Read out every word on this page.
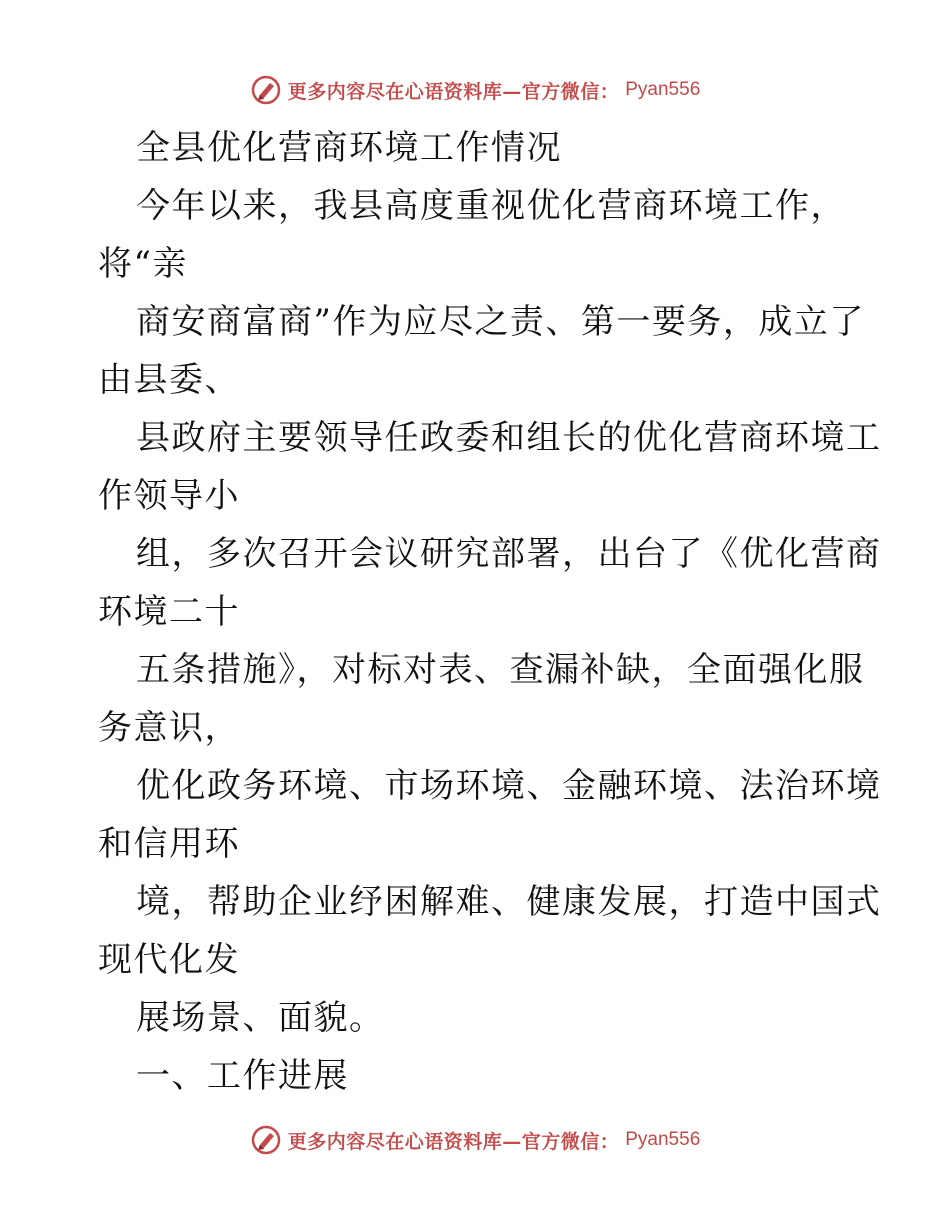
更多内容尽在心语资料库—官方微信： Pyan556
全县优化营商环境工作情况
今年以来，我县高度重视优化营商环境工作，
将“亲
商安商富商”作为应尽之责、第一要务，成立了
由县委、
县政府主要领导任政委和组长的优化营商环境工
作领导小
组，多次召开会议研究部署，出台了《优化营商
环境二十
五条措施》，对标对表、查漏补缺，全面强化服
务意识，
优化政务环境、市场环境、金融环境、法治环境
和信用环
境，帮助企业纾困解难、健康发展，打造中国式
现代化发
展场景、面貌。
一、工作进展
更多内容尽在心语资料库—官方微信： Pyan556
